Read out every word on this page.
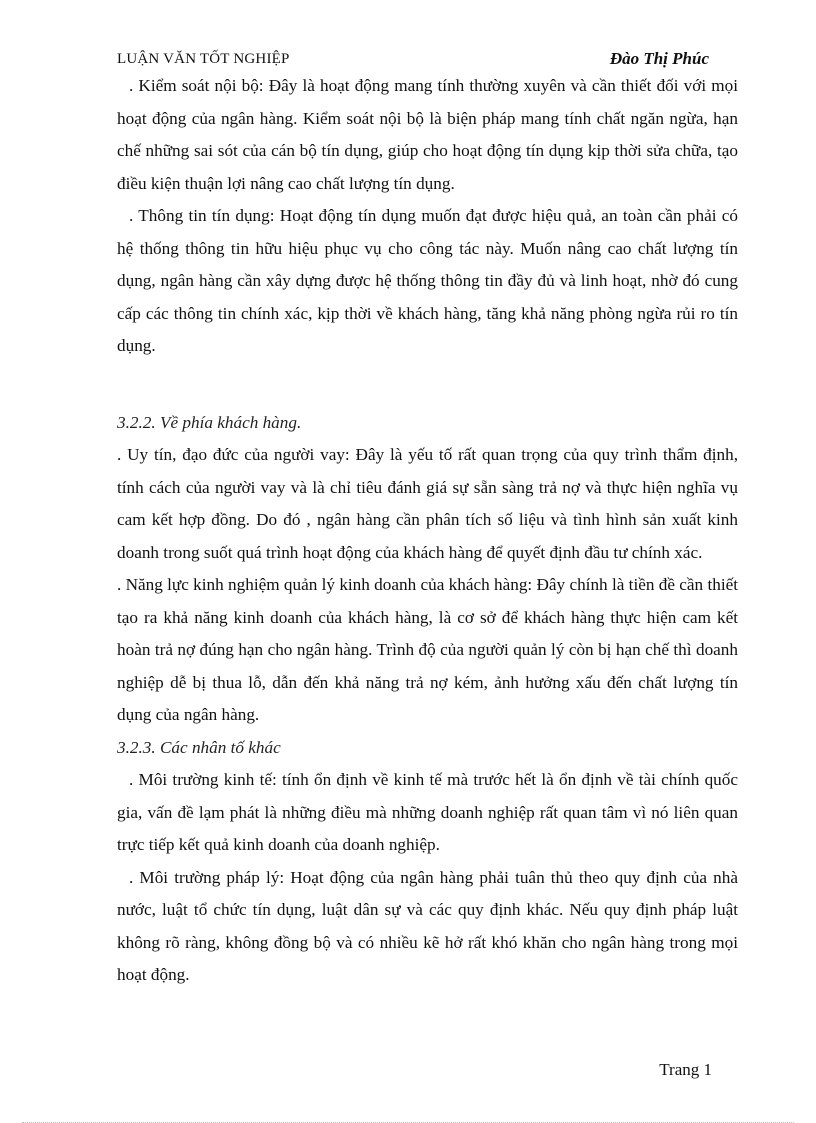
LUẬN VĂN TỐT NGHIỆP	Đào Thị Phúc

. Kiểm soát nội bộ: Đây là hoạt động mang tính thường xuyên và cần thiết đối với mọi hoạt động của ngân hàng. Kiểm soát nội bộ là biện pháp mang tính chất ngăn ngừa, hạn chế những sai sót của cán bộ tín dụng, giúp cho hoạt động tín dụng kịp thời sửa chữa, tạo điều kiện thuận lợi nâng cao chất lượng tín dụng.

. Thông tin tín dụng: Hoạt động tín dụng muốn đạt được hiệu quả, an toàn cần phải có hệ thống thông tin hữu hiệu phục vụ cho công tác này. Muốn nâng cao chất lượng tín dụng, ngân hàng cần xây dựng được hệ thống thông tin đầy đủ và linh hoạt, nhờ đó cung cấp các thông tin chính xác, kịp thời về khách hàng, tăng khả năng phòng ngừa rủi ro tín dụng.

3.2.2. Về phía khách hàng.

. Uy tín, đạo đức của người vay: Đây là yếu tố rất quan trọng của quy trình thẩm định, tính cách của người vay và là chỉ tiêu đánh giá sự sẵn sàng trả nợ và thực hiện nghĩa vụ cam kết hợp đồng. Do đó , ngân hàng cần phân tích số liệu và tình hình sản xuất kinh doanh trong suốt quá trình hoạt động của khách hàng để quyết định đầu tư chính xác.

. Năng lực kinh nghiệm quản lý kinh doanh của khách hàng: Đây chính là tiền đề cần thiết tạo ra khả năng kinh doanh của khách hàng, là cơ sở để khách hàng thực hiện cam kết hoàn trả nợ đúng hạn cho ngân hàng. Trình độ của người quản lý còn bị hạn chế thì doanh nghiệp dễ bị thua lỗ, dẫn đến khả năng trả nợ kém, ảnh hưởng xấu đến chất lượng tín dụng của ngân hàng.

3.2.3. Các nhân tố khác

. Môi trường kinh tế: tính ổn định về kinh tế mà trước hết là ổn định về tài chính quốc gia, vấn đề lạm phát là những điều mà những doanh nghiệp rất quan tâm vì nó liên quan trực tiếp kết quả kinh doanh của doanh nghiệp.

. Môi trường pháp lý: Hoạt động của ngân hàng phải tuân thủ theo quy định của nhà nước, luật tổ chức tín dụng, luật dân sự và các quy định khác. Nếu quy định pháp luật không rõ ràng, không đồng bộ và có nhiều kẽ hở rất khó khăn cho ngân hàng trong mọi hoạt động.

Trang 1
